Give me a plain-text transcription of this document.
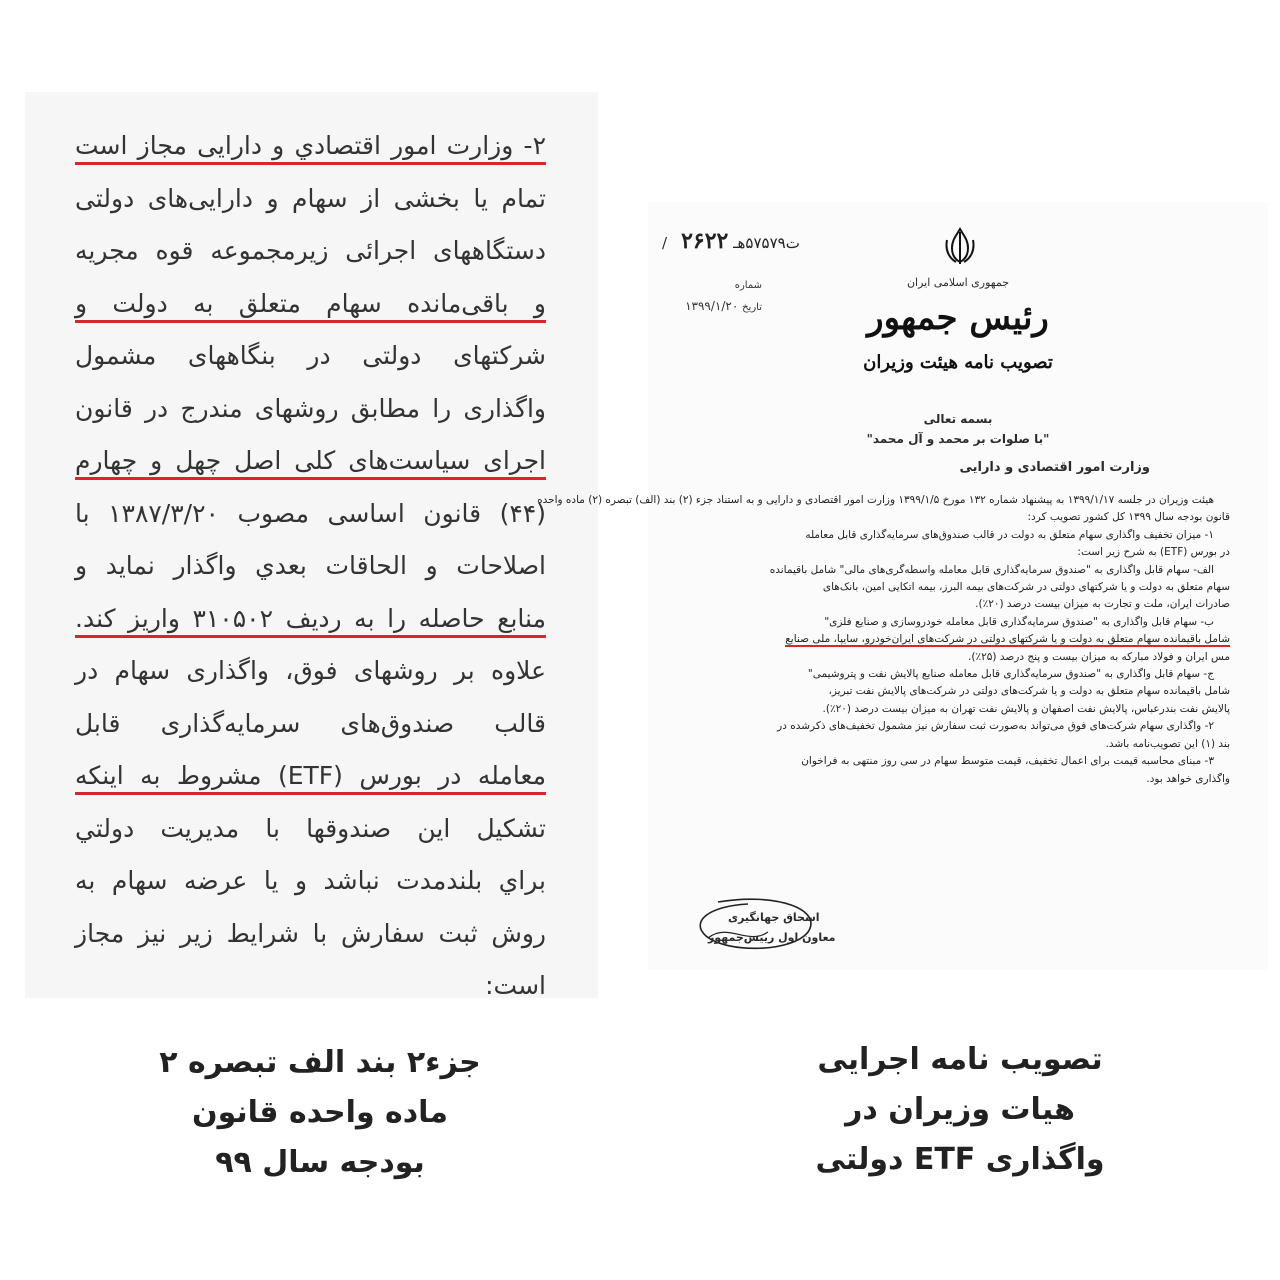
۲- وزارت امور اقتصادي و دارایی مجاز است
تمام یا بخشی از سهام و دارایی‌های دولتی
دستگاههای اجرائی زیرمجموعه قوه مجریه
و باقی‌مانده سهام متعلق به دولت و
شرکتهای دولتی در بنگاههای مشمول
واگذاری را مطابق روشهای مندرج در قانون
اجرای سیاست‌های کلی اصل چهل و چهارم
(۴۴) قانون اساسی مصوب ۱۳۸۷/۳/۲۰ با
اصلاحات و الحاقات بعدي واگذار نماید و
منابع حاصله را به ردیف ۳۱۰۵۰۲ واریز کند.
علاوه بر روشهای فوق، واگذاری سهام در
قالب صندوق‌های سرمایه‌گذاری قابل
معامله در بورس (ETF) مشروط به اینکه
تشکیل این صندوقها با مدیریت دولتي
براي بلندمدت نباشد و یا عرضه سهام به
روش ثبت سفارش با شرایط زیر نیز مجاز
است:
/ت۵۷۵۷۹هـ ۲۶۲۲
شماره
تاریخ ۱۳۹۹/۱/۲۰
جمهوری اسلامی ایران
رئیس جمهور
تصویب نامه هیئت وزیران
بسمه تعالی
"با صلوات بر محمد و آل محمد"
وزارت امور اقتصادی و دارایی
هیئت وزیران در جلسه ۱۳۹۹/۱/۱۷ به پیشنهاد شماره ۱۳۲ مورخ ۱۳۹۹/۱/۵ وزارت امور اقتصادی و دارایی و به استناد جزء (۲) بند (الف) تبصره (۲) ماده واحده
قانون بودجه سال ۱۳۹۹ کل کشور تصویب کرد:
۱- میزان تخفیف واگذاری سهام متعلق به دولت در قالب صندوق‌های سرمایه‌گذاری قابل معامله
در بورس (ETF) به شرح زیر است:
الف- سهام قابل واگذاری به "صندوق سرمایه‌گذاری قابل معامله واسطه‌گری‌های مالی" شامل باقیمانده
سهام متعلق به دولت و یا شرکتهای دولتی در شرکت‌های بیمه البرز، بیمه اتکایی امین، بانک‌های
صادرات ایران، ملت و تجارت به میزان بیست درصد (۲۰٪).
ب- سهام قابل واگذاری به "صندوق سرمایه‌گذاری قابل معامله خودروسازی و صنایع فلزی"
شامل باقیمانده سهام متعلق به دولت و یا شرکتهای دولتی در شرکت‌های ایران‌خودرو، سایپا، ملی صنایع
مس ایران و فولاد مبارکه به میزان بیست و پنج درصد (۲۵٪).
ج- سهام قابل واگذاری به "صندوق سرمایه‌گذاری قابل معامله صنایع پالایش نفت و پتروشیمی"
شامل باقیمانده سهام متعلق به دولت و یا شرکت‌های دولتی در شرکت‌های پالایش نفت تبریز،
پالایش نفت بندرعباس، پالایش نفت اصفهان و پالایش نفت تهران به میزان بیست درصد (۲۰٪).
۲- واگذاری سهام شرکت‌های فوق می‌تواند به‌صورت ثبت سفارش نیز مشمول تخفیف‌های ذکرشده در
بند (۱) این تصویب‌نامه باشد.
۳- مبنای محاسبه قیمت برای اعمال تخفیف، قیمت متوسط سهام در سی روز منتهی به فراخوان
واگذاری خواهد بود.
اسحاق جهانگیری
معاون اول رییس‌جمهور
جزء۲ بند الف تبصره ۲
ماده واحده قانون
بودجه سال ۹۹
تصویب نامه اجرایی
هیات وزیران در
واگذاری ETF دولتی
